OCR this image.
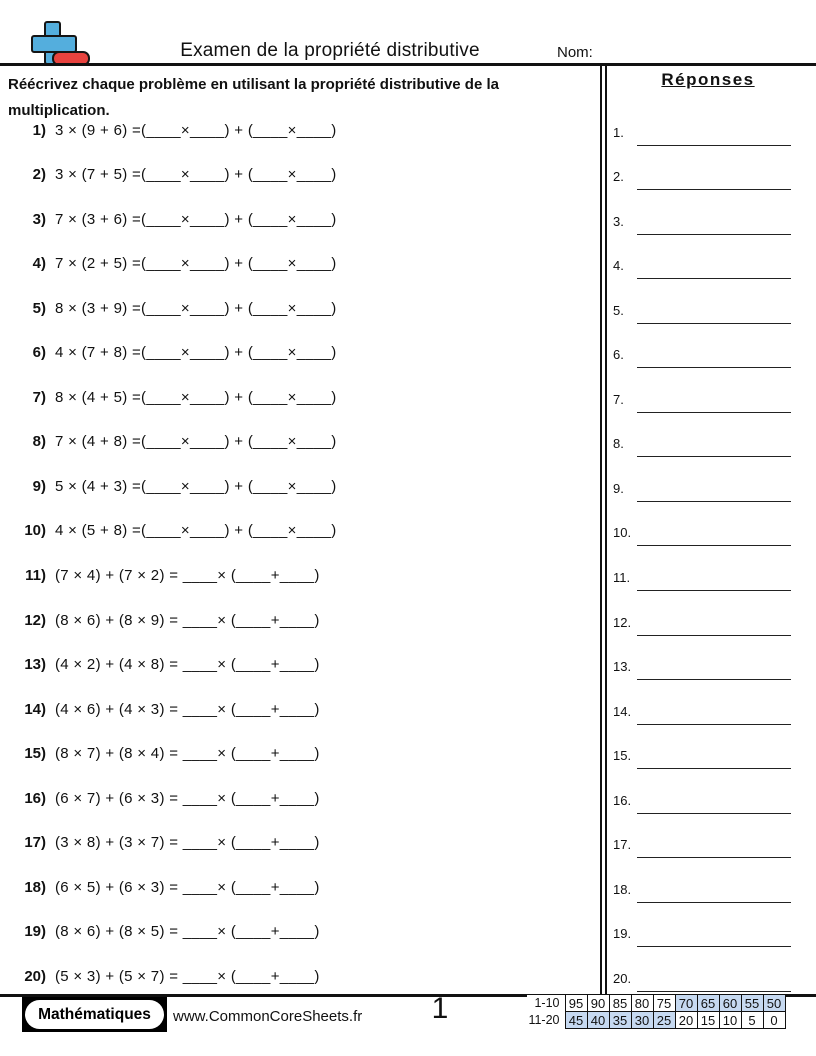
Examen de la propriété distributive	Nom:
Réécrivez chaque problème en utilisant la propriété distributive de la multiplication.
1) 3 × (9 + 6) =(____×____) + (____×____)
2) 3 × (7 + 5) =(____×____) + (____×____)
3) 7 × (3 + 6) =(____×____) + (____×____)
4) 7 × (2 + 5) =(____×____) + (____×____)
5) 8 × (3 + 9) =(____×____) + (____×____)
6) 4 × (7 + 8) =(____×____) + (____×____)
7) 8 × (4 + 5) =(____×____) + (____×____)
8) 7 × (4 + 8) =(____×____) + (____×____)
9) 5 × (4 + 3) =(____×____) + (____×____)
10) 4 × (5 + 8) =(____×____) + (____×____)
11) (7 × 4) + (7 × 2) = ____× (____+____)
12) (8 × 6) + (8 × 9) = ____× (____+____)
13) (4 × 2) + (4 × 8) = ____× (____+____)
14) (4 × 6) + (4 × 3) = ____× (____+____)
15) (8 × 7) + (8 × 4) = ____× (____+____)
16) (6 × 7) + (6 × 3) = ____× (____+____)
17) (3 × 8) + (3 × 7) = ____× (____+____)
18) (6 × 5) + (6 × 3) = ____× (____+____)
19) (8 × 6) + (8 × 5) = ____× (____+____)
20) (5 × 3) + (5 × 7) = ____× (____+____)
Réponses
1.
2.
3.
4.
5.
6.
7.
8.
9.
10.
11.
12.
13.
14.
15.
16.
17.
18.
19.
20.
Mathématiques	www.CommonCoreSheets.fr	1	1-10	95	90	85	80	75	70	65	60	55	50
11-20	45	40	35	30	25	20	15	10	5	0
